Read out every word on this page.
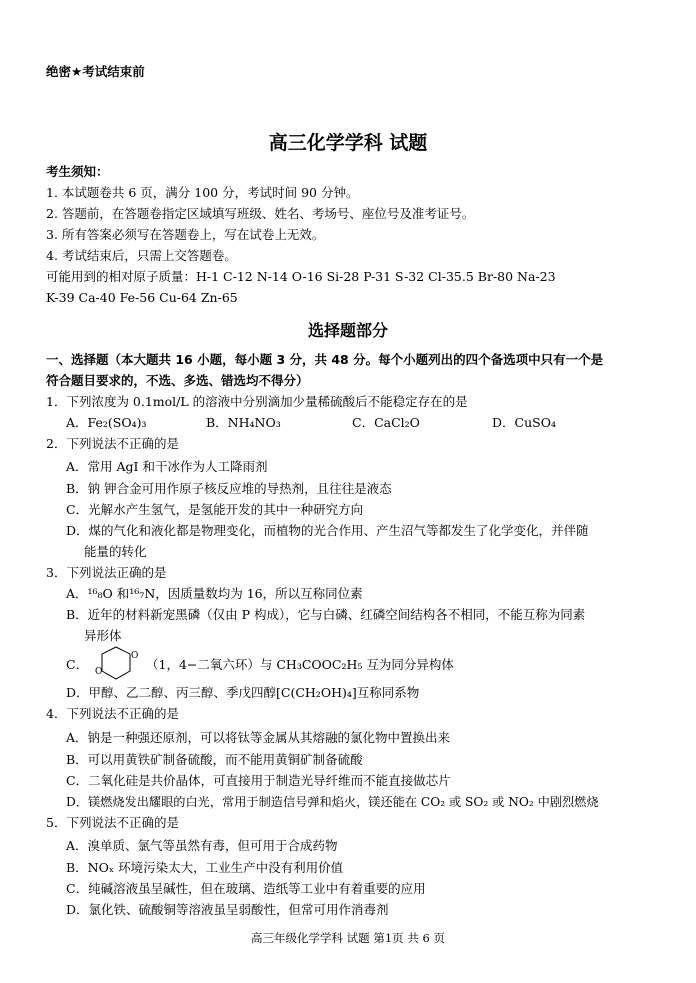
绝密★考试结束前
高三化学学科 试题
考生须知：
1. 本试题卷共 6 页，满分 100 分，考试时间 90 分钟。
2. 答题前，在答题卷指定区域填写班级、姓名、考场号、座位号及准考证号。
3. 所有答案必须写在答题卷上，写在试卷上无效。
4. 考试结束后，只需上交答题卷。
可能用到的相对原子质量：H-1 C-12 N-14 O-16 Si-28 P-31 S-32 Cl-35.5 Br-80 Na-23
K-39 Ca-40 Fe-56 Cu-64 Zn-65
选择题部分
一、选择题（本大题共 16 小题，每小题 3 分，共 48 分。每个小题列出的四个备选项中只有一个是
符合题目要求的，不选、多选、错选均不得分）
1．下列浓度为 0.1mol/L 的溶液中分别滴加少量稀硫酸后不能稳定存在的是
A．Fe₂(SO₄)₃	B．NH₄NO₃	C．CaCl₂O	D．CuSO₄
2．下列说法不正确的是
A．常用 AgI 和干冰作为人工降雨剂
B．钠 钾合金可用作原子核反应堆的导热剂，且往往是液态
C．光解水产生氢气，是氢能开发的其中一种研究方向
D．煤的气化和液化都是物理变化，而植物的光合作用、产生沼气等都发生了化学变化，并伴随
能量的转化
3．下列说法正确的是
A．¹⁶₈O 和¹⁶₇N，因质量数均为 16，所以互称同位素
B．近年的材料新宠黑磷（仅由 P 构成），它与白磷、红磷空间结构各不相同，不能互称为同素
异形体
C．
O
O	（1，4−二氧六环）与 CH₃COOC₂H₅ 互为同分异构体
D．甲醇、乙二醇、丙三醇、季戊四醇[C(CH₂OH)₄]互称同系物
4．下列说法不正确的是
A．钠是一种强还原剂，可以将钛等金属从其熔融的氯化物中置换出来
B．可以用黄铁矿制备硫酸，而不能用黄铜矿制备硫酸
C．二氧化硅是共价晶体，可直接用于制造光导纤维而不能直接做芯片
D．镁燃烧发出耀眼的白光，常用于制造信号弹和焰火，镁还能在 CO₂ 或 SO₂ 或 NO₂ 中剧烈燃烧
5．下列说法不正确的是
A．溴单质、氯气等虽然有毒，但可用于合成药物
B．NOₓ 环境污染太大，工业生产中没有利用价值
C．纯碱溶液虽呈碱性，但在玻璃、造纸等工业中有着重要的应用
D．氯化铁、硫酸铜等溶液虽呈弱酸性，但常可用作消毒剂
高三年级化学学科 试题 第1页 共 6 页
